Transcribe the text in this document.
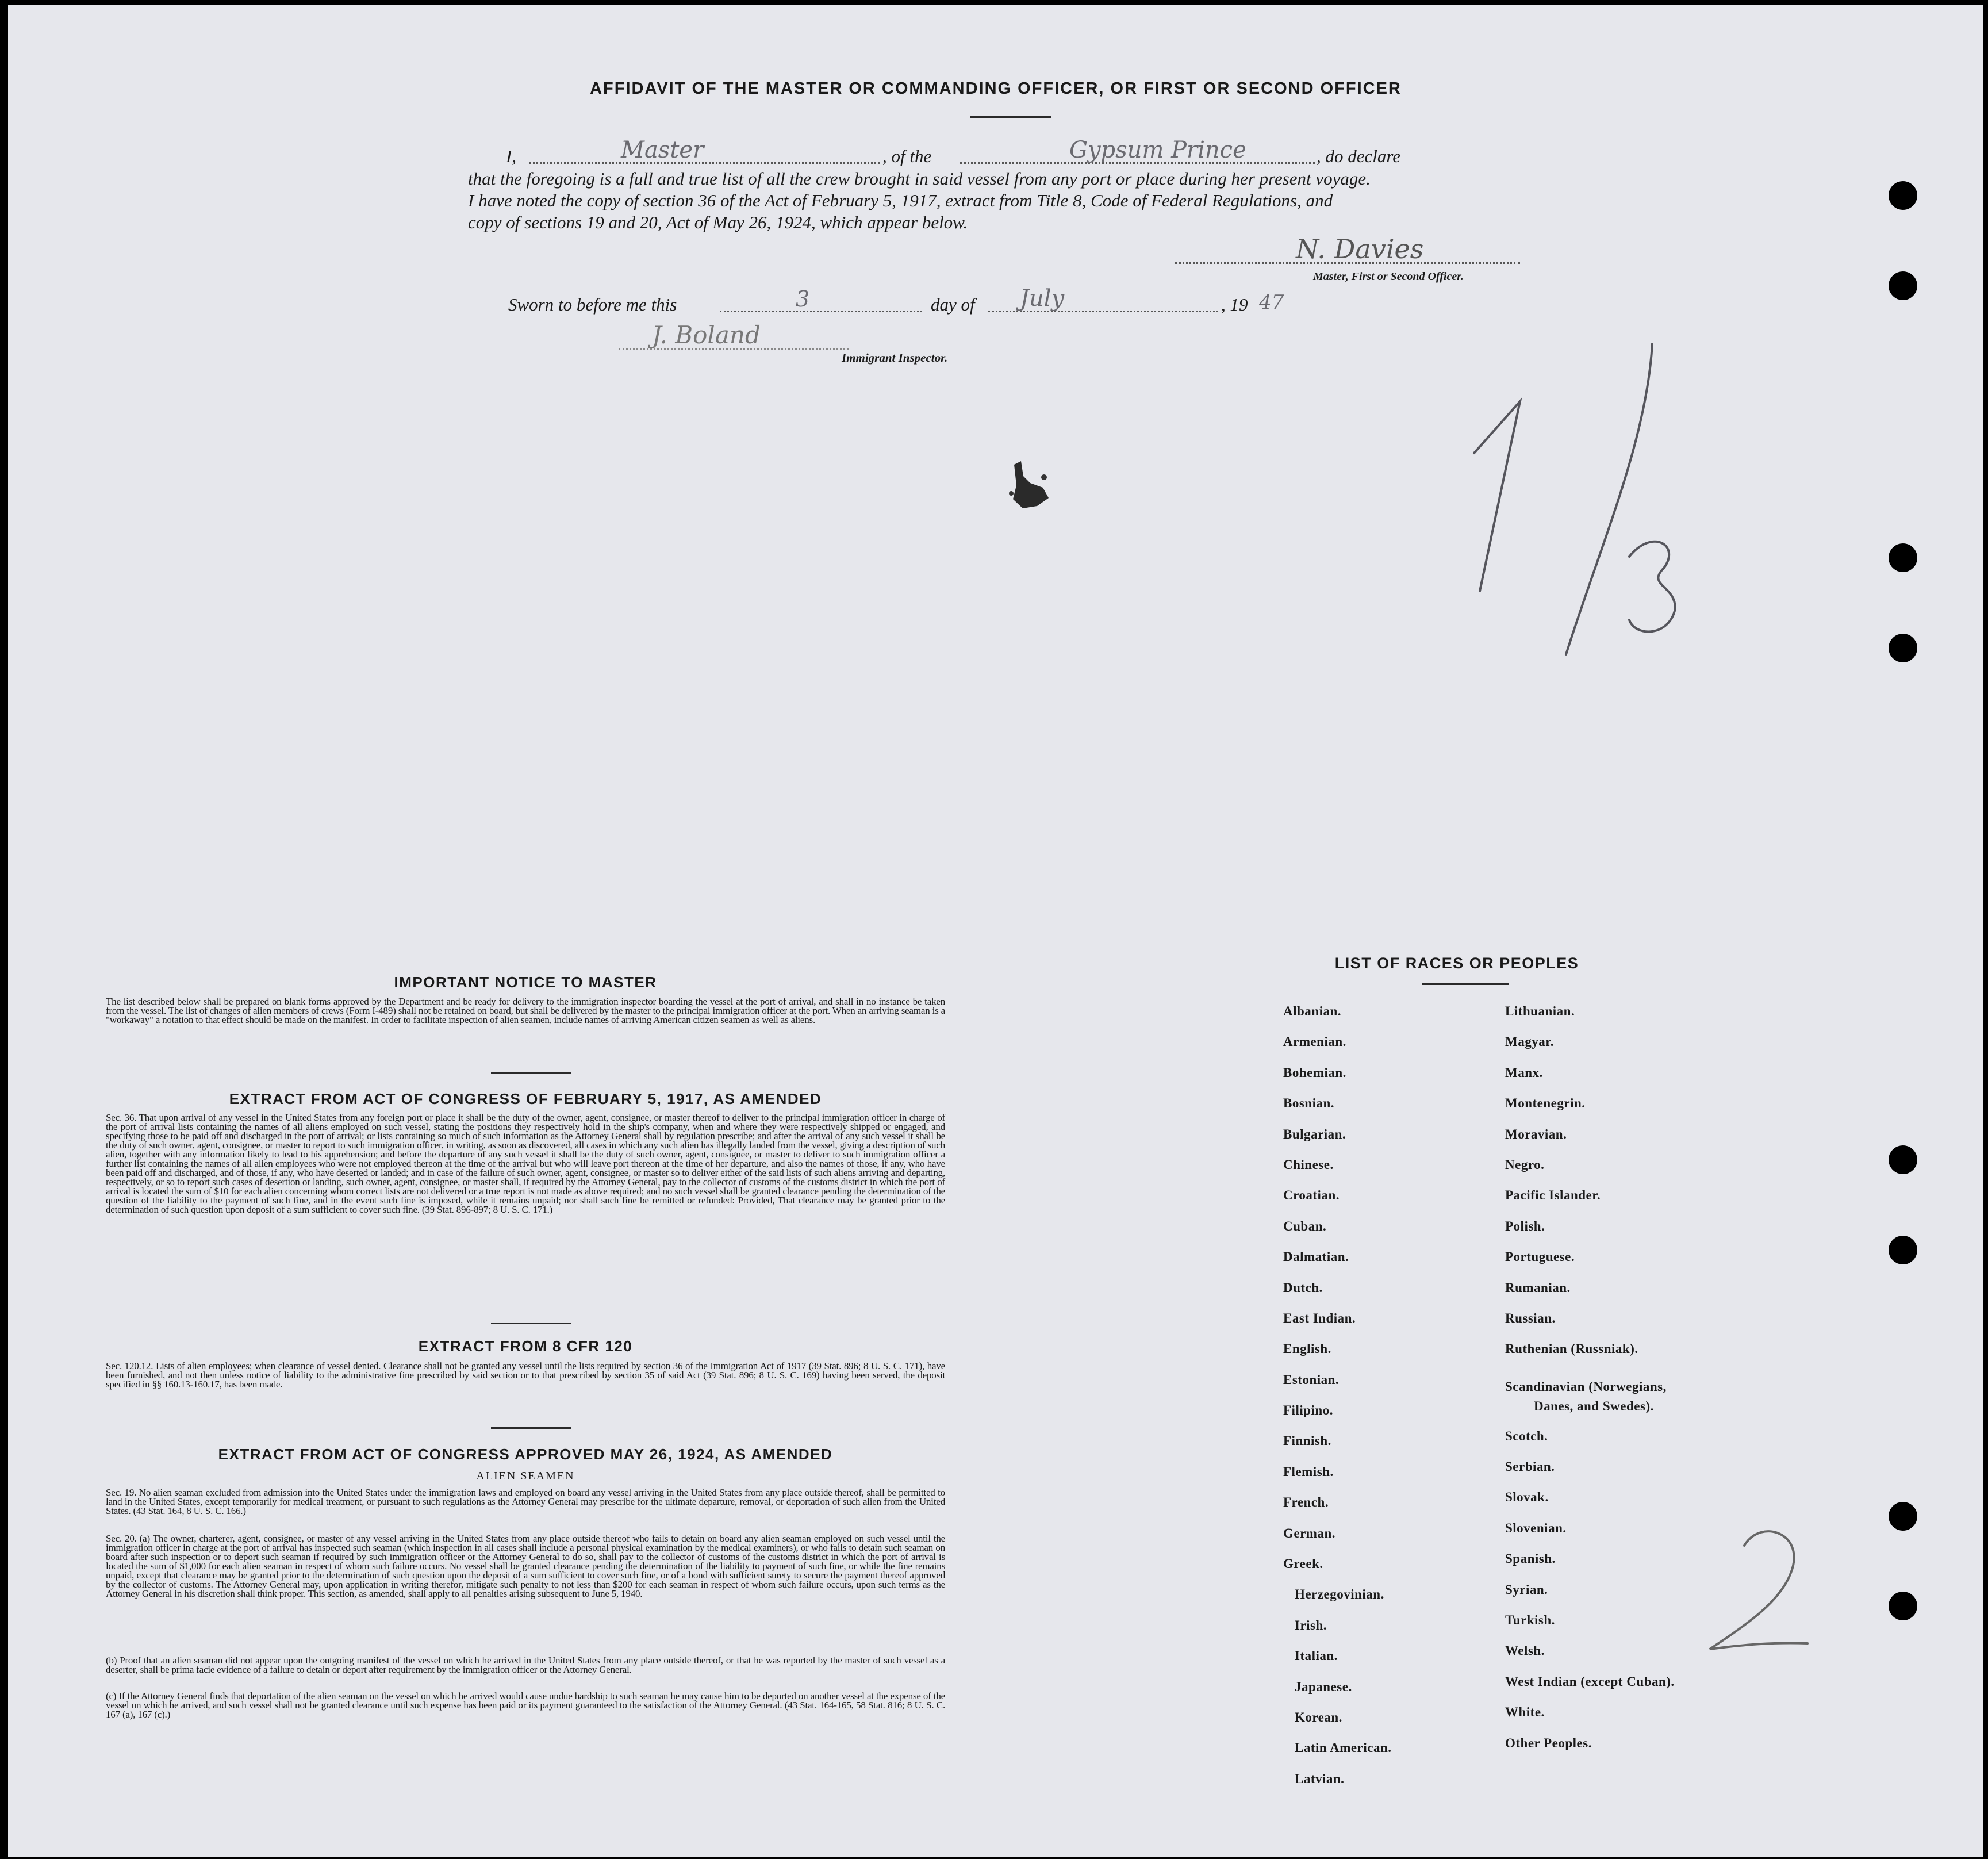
AFFIDAVIT OF THE MASTER OR COMMANDING OFFICER, OR FIRST OR SECOND OFFICER
I,	Master	, of the	Gypsum Prince	, do declare
that the foregoing is a full and true list of all the crew brought in said vessel from any port or place during her present voyage.
I have noted the copy of section 36 of the Act of February 5, 1917, extract from Title 8, Code of Federal Regulations, and
copy of sections 19 and 20, Act of May 26, 1924, which appear below.
N. Davies
Master, First or Second Officer.
Sworn to before me this	3	day of July	, 19 47
J. Boland
Immigrant Inspector.
IMPORTANT NOTICE TO MASTER
The list described below shall be prepared on blank forms approved by the Department and be ready for delivery to the immigration inspector boarding the vessel at the port of arrival, and shall in no instance be taken from the vessel. The list of changes of alien members of crews (Form I-489) shall not be retained on board, but shall be delivered by the master to the principal immigration officer at the port. When an arriving seaman is a "workaway" a notation to that effect should be made on the manifest. In order to facilitate inspection of alien seamen, include names of arriving American citizen seamen as well as aliens.
EXTRACT FROM ACT OF CONGRESS OF FEBRUARY 5, 1917, AS AMENDED
Sec. 36. That upon arrival of any vessel in the United States from any foreign port or place it shall be the duty of the owner, agent, consignee, or master thereof to deliver to the principal immigration officer in charge of the port of arrival lists containing the names of all aliens employed on such vessel, stating the positions they respectively hold in the ship's company, when and where they were respectively shipped or engaged, and specifying those to be paid off and discharged in the port of arrival; or lists containing so much of such information as the Attorney General shall by regulation prescribe; and after the arrival of any such vessel it shall be the duty of such owner, agent, consignee, or master to report to such immigration officer, in writing, as soon as discovered, all cases in which any such alien has illegally landed from the vessel, giving a description of such alien, together with any information likely to lead to his apprehension; and before the departure of any such vessel it shall be the duty of such owner, agent, consignee, or master to deliver to such immigration officer a further list containing the names of all alien employees who were not employed thereon at the time of the arrival but who will leave port thereon at the time of her departure, and also the names of those, if any, who have been paid off and discharged, and of those, if any, who have deserted or landed; and in case of the failure of such owner, agent, consignee, or master so to deliver either of the said lists of such aliens arriving and departing, respectively, or so to report such cases of desertion or landing, such owner, agent, consignee, or master shall, if required by the Attorney General, pay to the collector of customs of the customs district in which the port of arrival is located the sum of $10 for each alien concerning whom correct lists are not delivered or a true report is not made as above required; and no such vessel shall be granted clearance pending the determination of the question of the liability to the payment of such fine, and in the event such fine is imposed, while it remains unpaid; nor shall such fine be remitted or refunded: Provided, That clearance may be granted prior to the determination of such question upon deposit of a sum sufficient to cover such fine. (39 Stat. 896-897; 8 U. S. C. 171.)
EXTRACT FROM 8 CFR 120
Sec. 120.12. Lists of alien employees; when clearance of vessel denied. Clearance shall not be granted any vessel until the lists required by section 36 of the Immigration Act of 1917 (39 Stat. 896; 8 U. S. C. 171), have been furnished, and not then unless notice of liability to the administrative fine prescribed by said section or to that prescribed by section 35 of said Act (39 Stat. 896; 8 U. S. C. 169) having been served, the deposit specified in §§ 160.13-160.17, has been made.
EXTRACT FROM ACT OF CONGRESS APPROVED MAY 26, 1924, AS AMENDED
ALIEN SEAMEN
Sec. 19. No alien seaman excluded from admission into the United States under the immigration laws and employed on board any vessel arriving in the United States from any place outside thereof, shall be permitted to land in the United States, except temporarily for medical treatment, or pursuant to such regulations as the Attorney General may prescribe for the ultimate departure, removal, or deportation of such alien from the United States. (43 Stat. 164, 8 U. S. C. 166.)
Sec. 20. (a) The owner, charterer, agent, consignee, or master of any vessel arriving in the United States from any place outside thereof who fails to detain on board any alien seaman employed on such vessel until the immigration officer in charge at the port of arrival has inspected such seaman (which inspection in all cases shall include a personal physical examination by the medical examiners), or who fails to detain such seaman on board after such inspection or to deport such seaman if required by such immigration officer or the Attorney General to do so, shall pay to the collector of customs of the customs district in which the port of arrival is located the sum of $1,000 for each alien seaman in respect of whom such failure occurs. No vessel shall be granted clearance pending the determination of the liability to payment of such fine, or while the fine remains unpaid, except that clearance may be granted prior to the determination of such question upon the deposit of a sum sufficient to cover such fine, or of a bond with sufficient surety to secure the payment thereof approved by the collector of customs. The Attorney General may, upon application in writing therefor, mitigate such penalty to not less than $200 for each seaman in respect of whom such failure occurs, upon such terms as the Attorney General in his discretion shall think proper. This section, as amended, shall apply to all penalties arising subsequent to June 5, 1940.
(b) Proof that an alien seaman did not appear upon the outgoing manifest of the vessel on which he arrived in the United States from any place outside thereof, or that he was reported by the master of such vessel as a deserter, shall be prima facie evidence of a failure to detain or deport after requirement by the immigration officer or the Attorney General.
(c) If the Attorney General finds that deportation of the alien seaman on the vessel on which he arrived would cause undue hardship to such seaman he may cause him to be deported on another vessel at the expense of the vessel on which he arrived, and such vessel shall not be granted clearance until such expense has been paid or its payment guaranteed to the satisfaction of the Attorney General. (43 Stat. 164-165, 58 Stat. 816; 8 U. S. C. 167 (a), 167 (c).)
LIST OF RACES OR PEOPLES
Albanian.
Armenian.
Bohemian.
Bosnian.
Bulgarian.
Chinese.
Croatian.
Cuban.
Dalmatian.
Dutch.
East Indian.
English.
Estonian.
Filipino.
Finnish.
Flemish.
French.
German.
Greek.
Herzegovinian.
Irish.
Italian.
Japanese.
Korean.
Latin American.
Latvian.
Lithuanian.
Magyar.
Manx.
Montenegrin.
Moravian.
Negro.
Pacific Islander.
Polish.
Portuguese.
Rumanian.
Russian.
Ruthenian (Russniak).
Scandinavian (Norwegians,
Danes, and Swedes).
Scotch.
Serbian.
Slovak.
Slovenian.
Spanish.
Syrian.
Turkish.
Welsh.
West Indian (except Cuban).
White.
Other Peoples.
